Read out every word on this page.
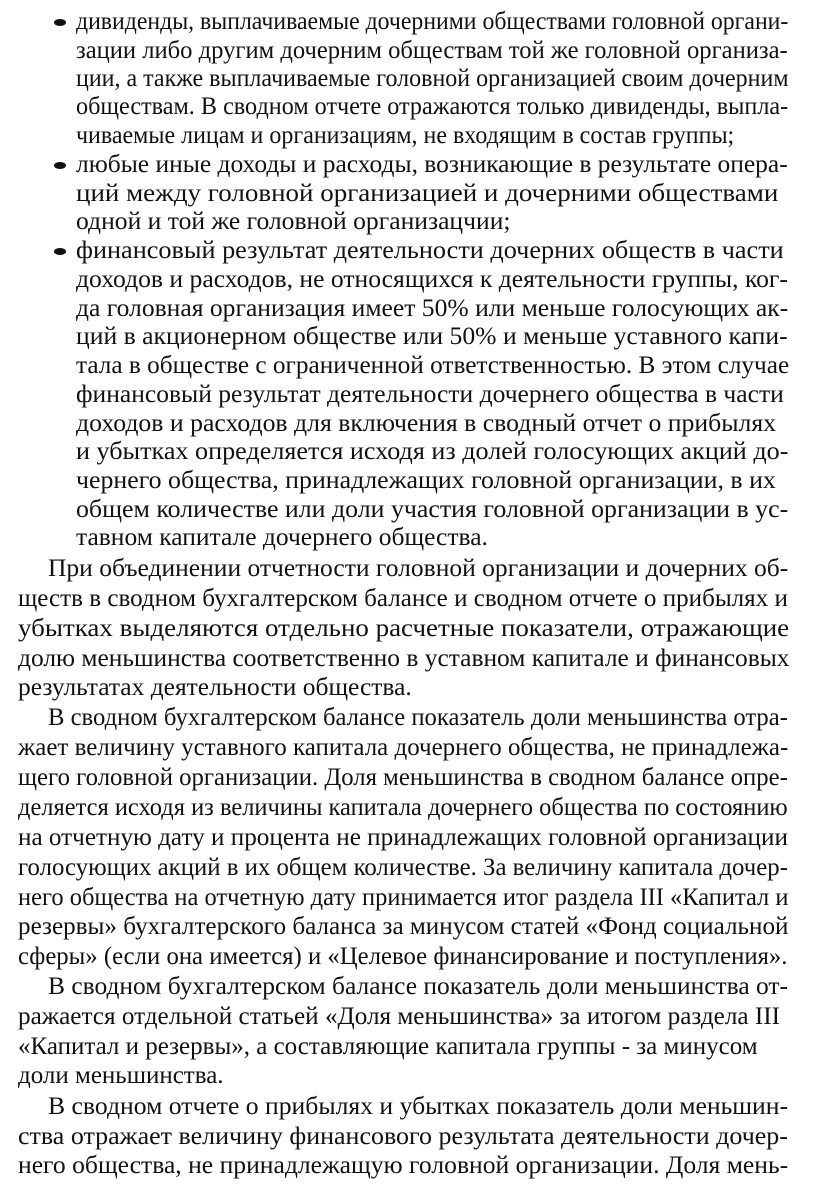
дивиденды, выплачиваемые дочерними обществами головной органи-
зации либо другим дочерним обществам той же головной организа-
ции, а также выплачиваемые головной организацией своим дочерним
обществам. В сводном отчете отражаются только дивиденды, выпла-
чиваемые лицам и организациям, не входящим в состав группы;
любые иные доходы и расходы, возникающие в результате опера-
ций между головной организацией и дочерними обществами
одной и той же головной организацчии;
финансовый результат деятельности дочерних обществ в части
доходов и расходов, не относящихся к деятельности группы, ког-
да головная организация имеет 50% или меньше голосующих ак-
ций в акционерном обществе или 50% и меньше уставного капи-
тала в обществе с ограниченной ответственностью. В этом случае
финансовый результат деятельности дочернего общества в части
доходов и расходов для включения в сводный отчет о прибылях
и убытках определяется исходя из долей голосующих акций до-
чернего общества, принадлежащих головной организации, в их
общем количестве или доли участия головной организации в ус-
тавном капитале дочернего общества.
При объединении отчетности головной организации и дочерних об-
ществ в сводном бухгалтерском балансе и сводном отчете о прибылях и
убытках выделяются отдельно расчетные показатели, отражающие
долю меньшинства соответственно в уставном капитале и финансовых
результатах деятельности общества.
В сводном бухгалтерском балансе показатель доли меньшинства отра-
жает величину уставного капитала дочернего общества, не принадлежа-
щего головной организации. Доля меньшинства в сводном балансе опре-
деляется исходя из величины капитала дочернего общества по состоянию
на отчетную дату и процента не принадлежащих головной организации
голосующих акций в их общем количестве. За величину капитала дочер-
него общества на отчетную дату принимается итог раздела III «Капитал и
резервы» бухгалтерского баланса за минусом статей «Фонд социальной
сферы» (если она имеется) и «Целевое финансирование и поступления».
В сводном бухгалтерском балансе показатель доли меньшинства от-
ражается отдельной статьей «Доля меньшинства» за итогом раздела III
«Капитал и резервы», а составляющие капитала группы - за минусом
доли меньшинства.
В сводном отчете о прибылях и убытках показатель доли меньшин-
ства отражает величину финансового результата деятельности дочер-
него общества, не принадлежащую головной организации. Доля мень-
